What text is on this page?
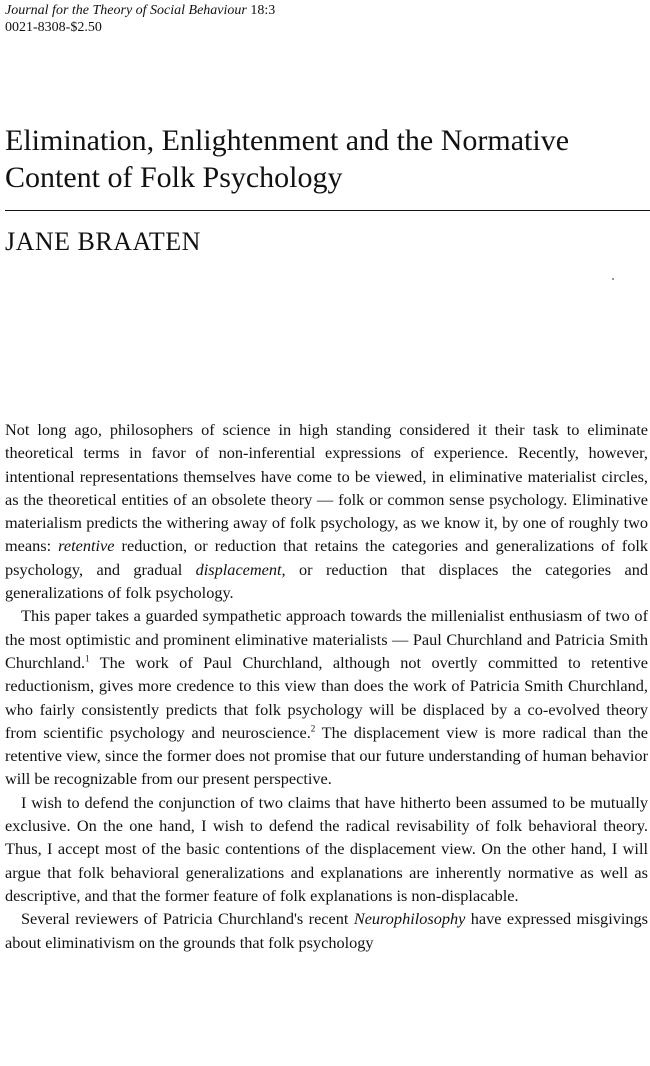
Journal for the Theory of Social Behaviour 18:3
0021-8308-$2.50
Elimination, Enlightenment and the Normative Content of Folk Psychology
JANE BRAATEN

Not long ago, philosophers of science in high standing considered it their task to eliminate theoretical terms in favor of non-inferential expressions of experience. Recently, however, intentional representations themselves have come to be viewed, in eliminative materialist circles, as the theoretical entities of an obsolete theory — folk or common sense psychology. Eliminative materialism predicts the withering away of folk psychology, as we know it, by one of roughly two means: retentive reduction, or reduction that retains the categories and generalizations of folk psychology, and gradual displacement, or reduction that displaces the categories and generalizations of folk psychology.

This paper takes a guarded sympathetic approach towards the millenialist enthusiasm of two of the most optimistic and prominent eliminative materialists — Paul Churchland and Patricia Smith Churchland.$^1$ The work of Paul Churchland, although not overtly committed to retentive reductionism, gives more credence to this view than does the work of Patricia Smith Churchland, who fairly consistently predicts that folk psychology will be displaced by a co-evolved theory from scientific psychology and neuroscience.$^2$ The displacement view is more radical than the retentive view, since the former does not promise that our future understanding of human behavior will be recognizable from our present perspective.

I wish to defend the conjunction of two claims that have hitherto been assumed to be mutually exclusive. On the one hand, I wish to defend the radical revisability of folk behavioral theory. Thus, I accept most of the basic contentions of the displacement view. On the other hand, I will argue that folk behavioral generalizations and explanations are inherently normative as well as descriptive, and that the former feature of folk explanations is non-displacable.

Several reviewers of Patricia Churchland's recent Neurophilosophy have expressed misgivings about eliminativism on the grounds that folk psychology
